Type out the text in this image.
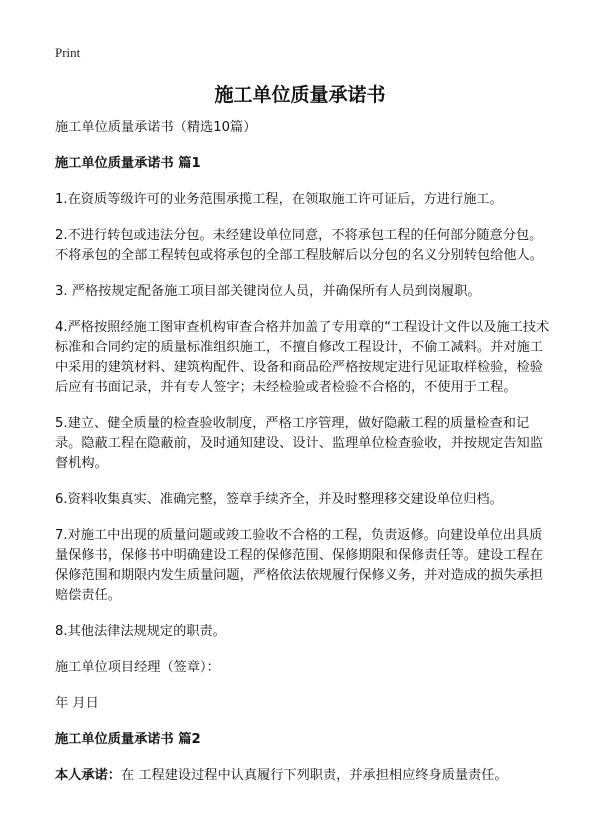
Print
施工单位质量承诺书

施工单位质量承诺书（精选10篇）

施工单位质量承诺书 篇1

1.在资质等级许可的业务范围承揽工程，在领取施工许可证后，方进行施工。

2.不进行转包或违法分包。未经建设单位同意，不将承包工程的任何部分随意分包。不将承包的全部工程转包或将承包的全部工程肢解后以分包的名义分别转包给他人。

3. 严格按规定配备施工项目部关键岗位人员，并确保所有人员到岗履职。

4.严格按照经施工图审查机构审查合格并加盖了专用章的“工程设计文件以及施工技术标准和合同约定的质量标准组织施工，不擅自修改工程设计，不偷工减料。并对施工中采用的建筑材料、建筑构配件、设备和商品砼严格按规定进行见证取样检验，检验后应有书面记录，并有专人签字；未经检验或者检验不合格的，不使用于工程。

5.建立、健全质量的检查验收制度，严格工序管理，做好隐蔽工程的质量检查和记录。隐蔽工程在隐蔽前，及时通知建设、设计、监理单位检查验收，并按规定告知监督机构。

6.资料收集真实、准确完整，签章手续齐全，并及时整理移交建设单位归档。

7.对施工中出现的质量问题或竣工验收不合格的工程，负责返修。向建设单位出具质量保修书，保修书中明确建设工程的保修范围、保修期限和保修责任等。建设工程在保修范围和期限内发生质量问题，严格依法依规履行保修义务，并对造成的损失承担赔偿责任。

8.其他法律法规规定的职责。

施工单位项目经理（签章）：

年 月日

施工单位质量承诺书 篇2

本人承诺：在 工程建设过程中认真履行下列职责，并承担相应终身质量责任。
